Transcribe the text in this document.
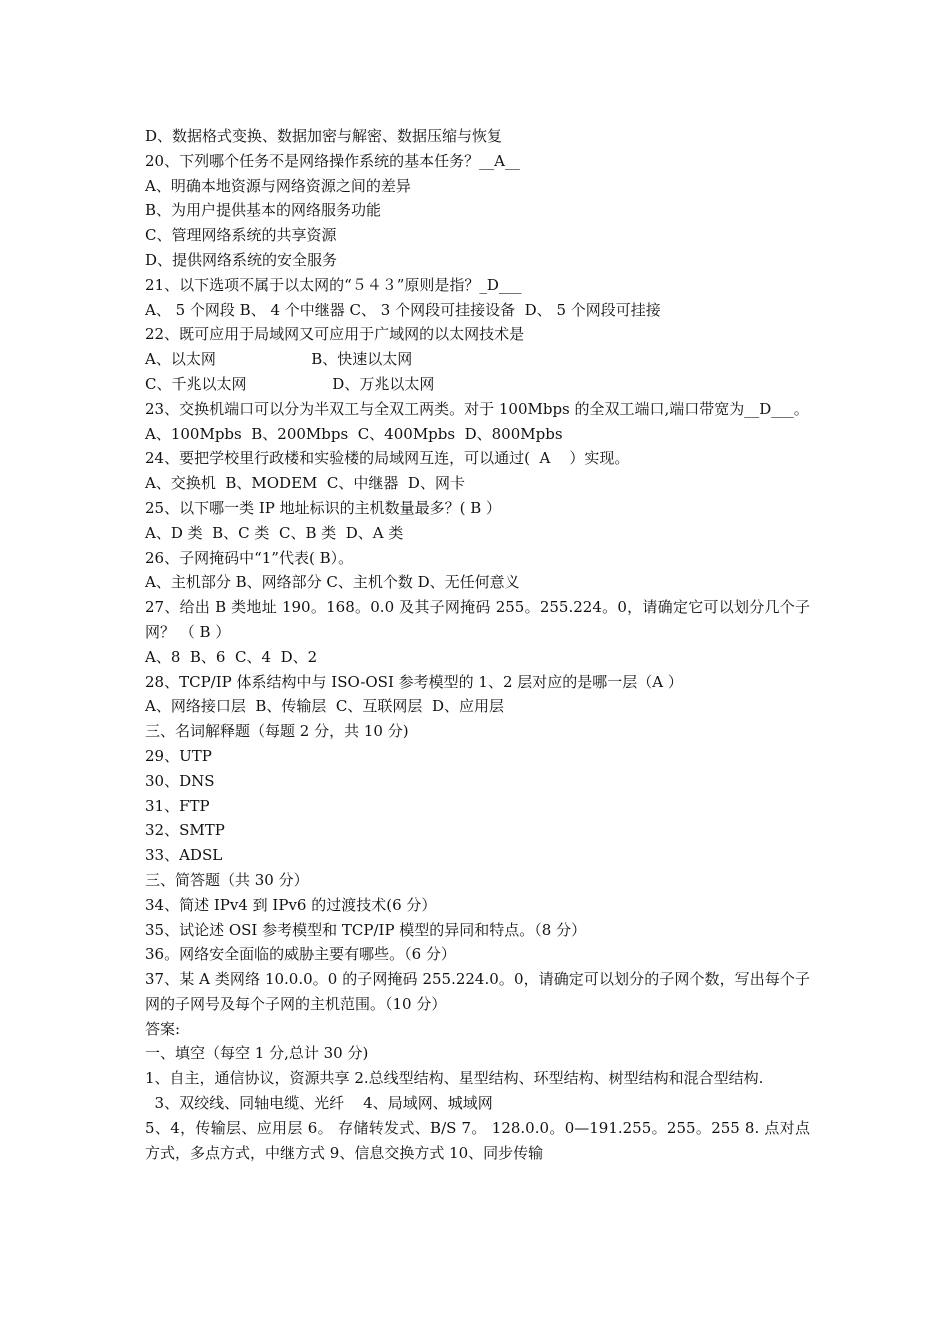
D、数据格式变换、数据加密与解密、数据压缩与恢复
20、下列哪个任务不是网络操作系统的基本任务？__A__
A、明确本地资源与网络资源之间的差异
B、为用户提供基本的网络服务功能
C、管理网络系统的共享资源
D、提供网络系统的安全服务
21、以下选项不属于以太网的“５４３”原则是指？_D___
A、 5 个网段 B、 4 个中继器 C、 3 个网段可挂接设备  D、 5 个网段可挂接
22、既可应用于局域网又可应用于广域网的以太网技术是
A、以太网                    B、快速以太网
C、千兆以太网                  D、万兆以太网
23、交换机端口可以分为半双工与全双工两类。对于 100Mbps 的全双工端口,端口带宽为__D___。
A、100Mpbs  B、200Mbps  C、400Mpbs  D、800Mpbs
24、要把学校里行政楼和实验楼的局域网互连，可以通过(  A    ）实现。
A、交换机  B、MODEM  C、中继器  D、网卡
25、以下哪一类 IP 地址标识的主机数量最多？( B ）
A、D 类  B、C 类  C、B 类  D、A 类
26、子网掩码中“1”代表( B）。
A、主机部分 B、网络部分 C、主机个数 D、无任何意义
27、给出 B 类地址 190。168。0.0 及其子网掩码 255。255.224。0，请确定它可以划分几个子网？ （ B ）
A、8  B、6  C、4  D、2
28、TCP/IP 体系结构中与 ISO-OSI 参考模型的 1、2 层对应的是哪一层（A ）
A、网络接口层  B、传输层  C、互联网层  D、应用层
三、名词解释题（每题 2 分，共 10 分)
29、UTP
30、DNS
31、FTP
32、SMTP
33、ADSL
三、简答题（共 30 分）
34、简述 IPv4 到 IPv6 的过渡技术(6 分）
35、试论述 OSI 参考模型和 TCP/IP 模型的异同和特点。（8 分）
36。网络安全面临的威胁主要有哪些。（6 分）
37、某 A 类网络 10.0.0。0 的子网掩码 255.224.0。0，请确定可以划分的子网个数，写出每个子网的子网号及每个子网的主机范围。（10 分）
答案:
一、填空（每空 1 分,总计 30 分)
1、自主，通信协议，资源共享 2.总线型结构、星型结构、环型结构、树型结构和混合型结构.
3、双绞线、同轴电缆、光纤    4、局域网、城域网
5、4，传输层、应用层 6。 存储转发式、B/S 7。 128.0.0。0—191.255。255。255 8. 点对点方式，多点方式，中继方式 9、信息交换方式 10、同步传输
